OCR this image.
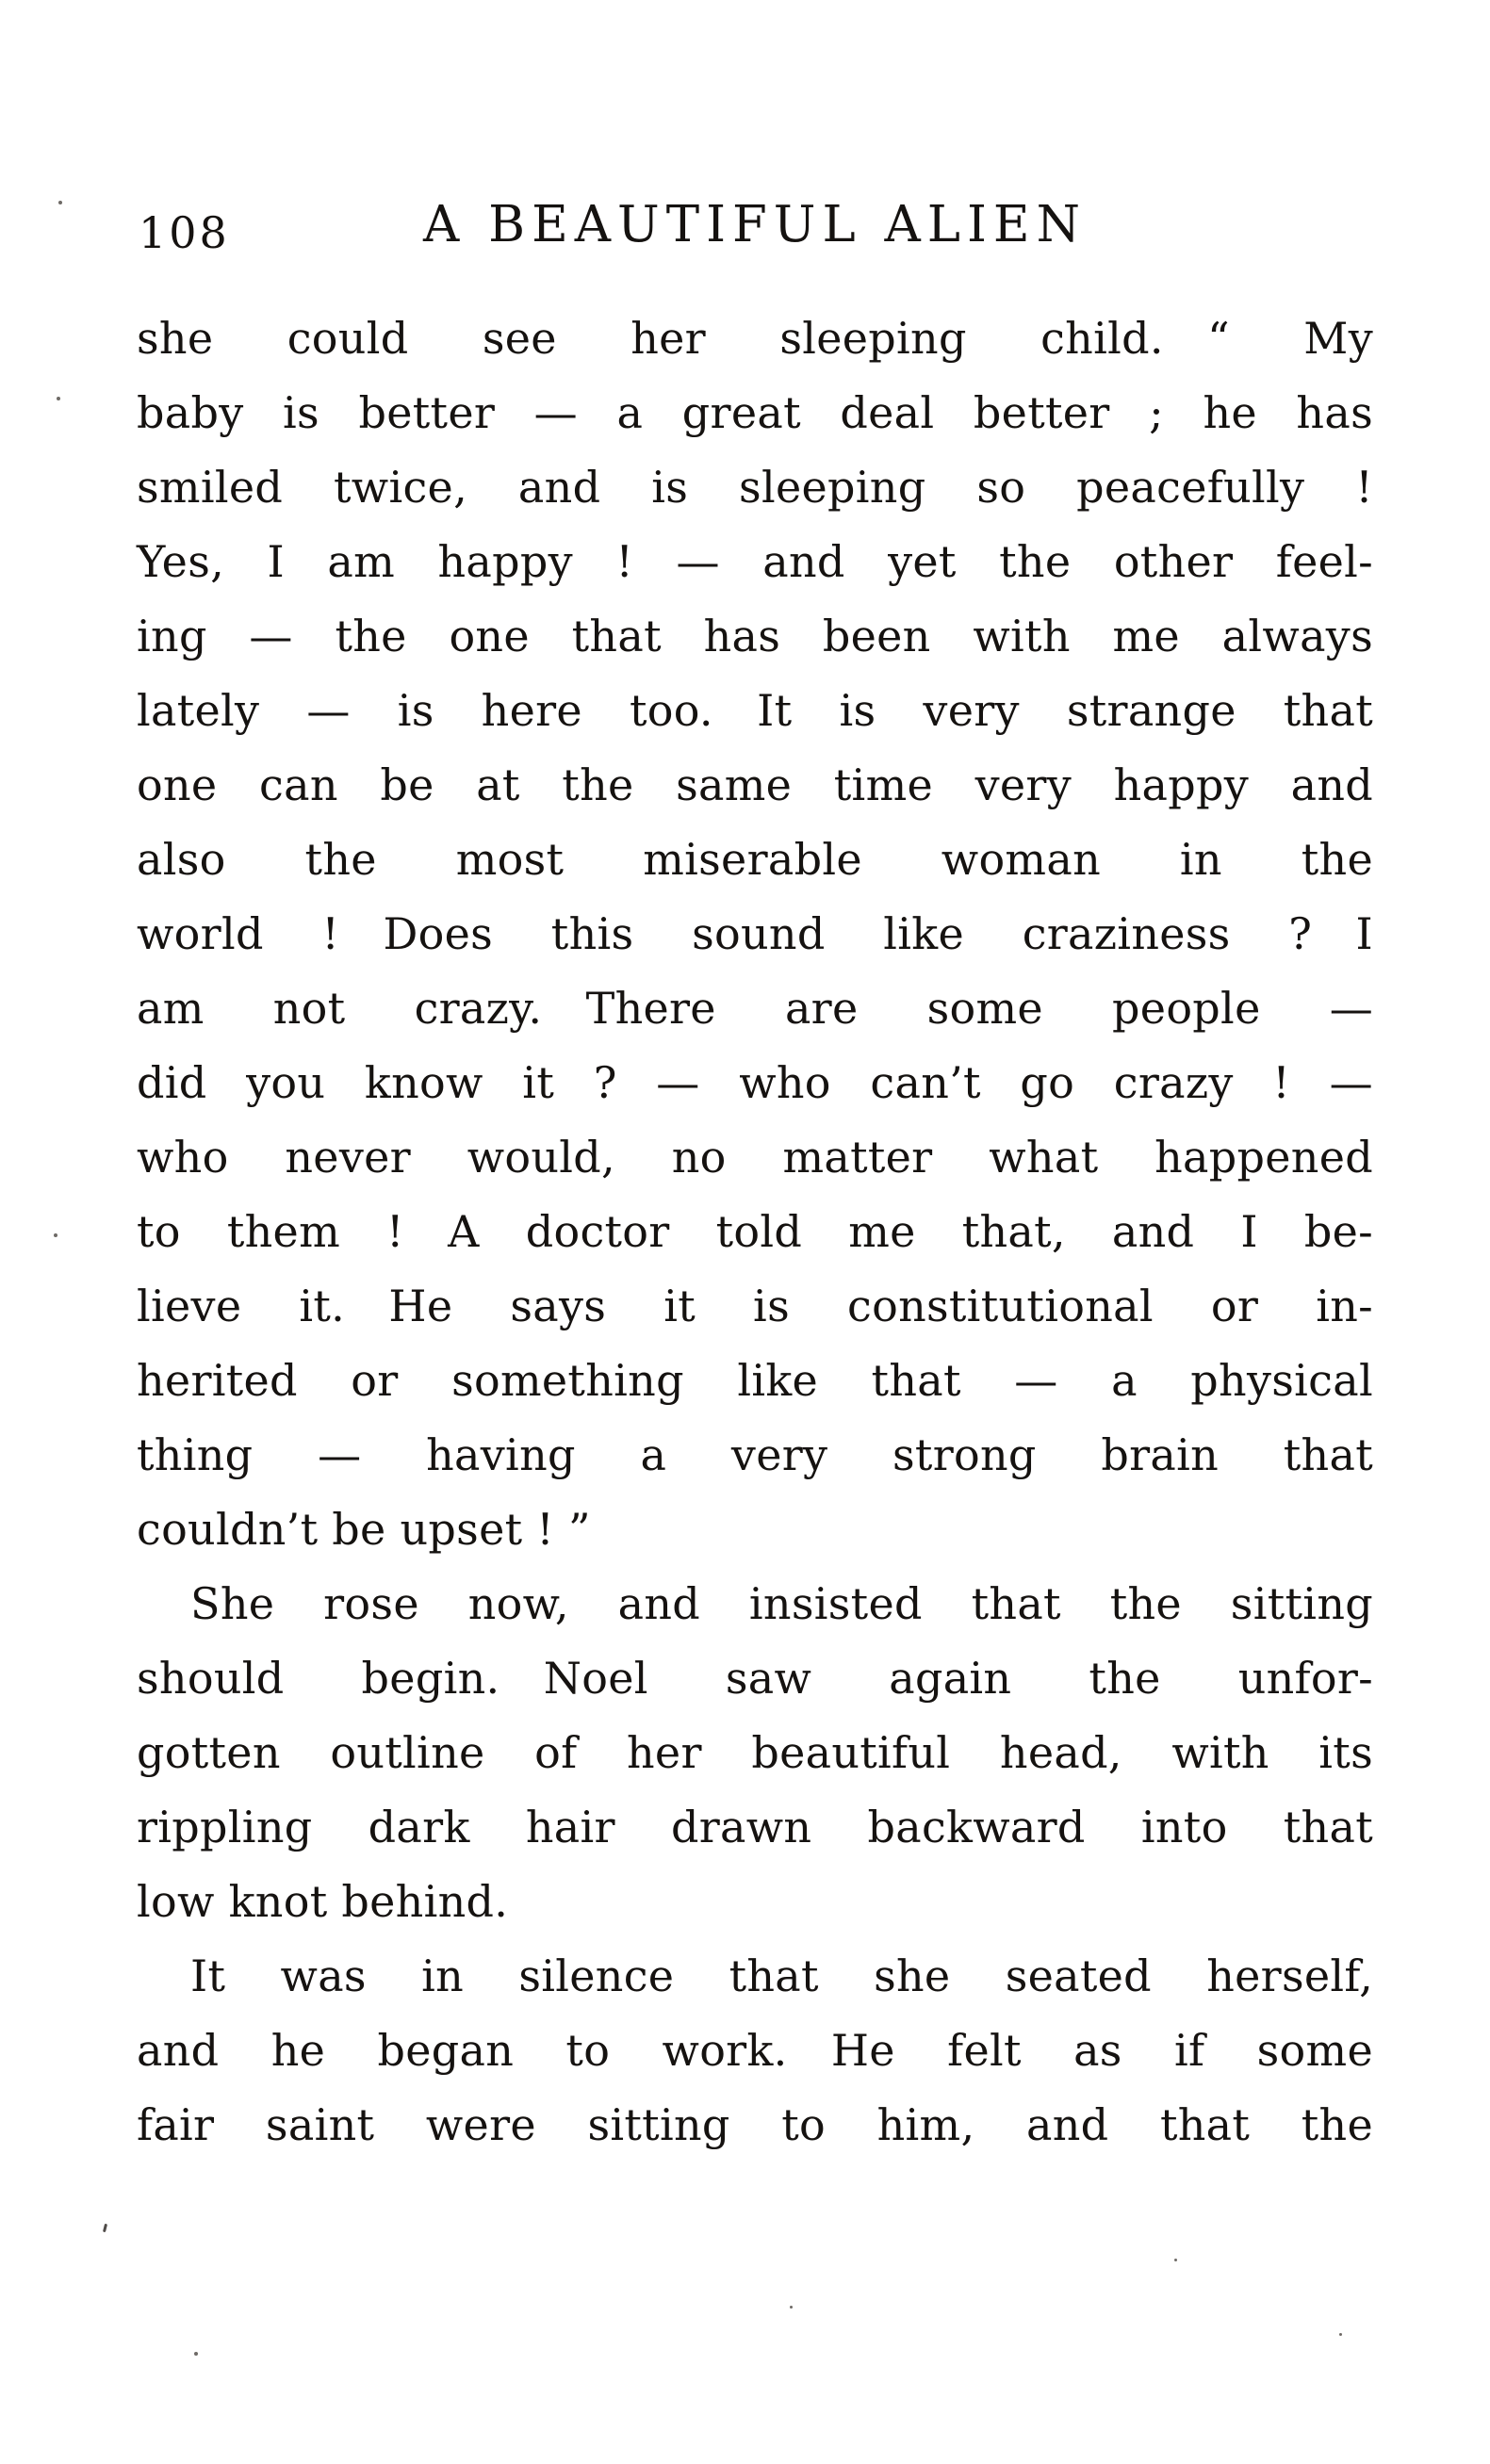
108	A BEAUTIFUL ALIEN
she could see her sleeping child. “ My
baby is better — a great deal better ; he has
smiled twice, and is sleeping so peacefully !
Yes, I am happy ! — and yet the other feel-
ing — the one that has been with me always
lately — is here too. It is very strange that
one can be at the same time very happy and
also the most miserable woman in the
world ! Does this sound like craziness ? I
am not crazy. There are some people —
did you know it ? — who can’t go crazy ! —
who never would, no matter what happened
to them ! A doctor told me that, and I be-
lieve it. He says it is constitutional or in-
herited or something like that — a physical
thing — having a very strong brain that
couldn’t be upset ! ”
She rose now, and insisted that the sitting
should begin. Noel saw again the unfor-
gotten outline of her beautiful head, with its
rippling dark hair drawn backward into that
low knot behind.
It was in silence that she seated herself,
and he began to work. He felt as if some
fair saint were sitting to him, and that the
